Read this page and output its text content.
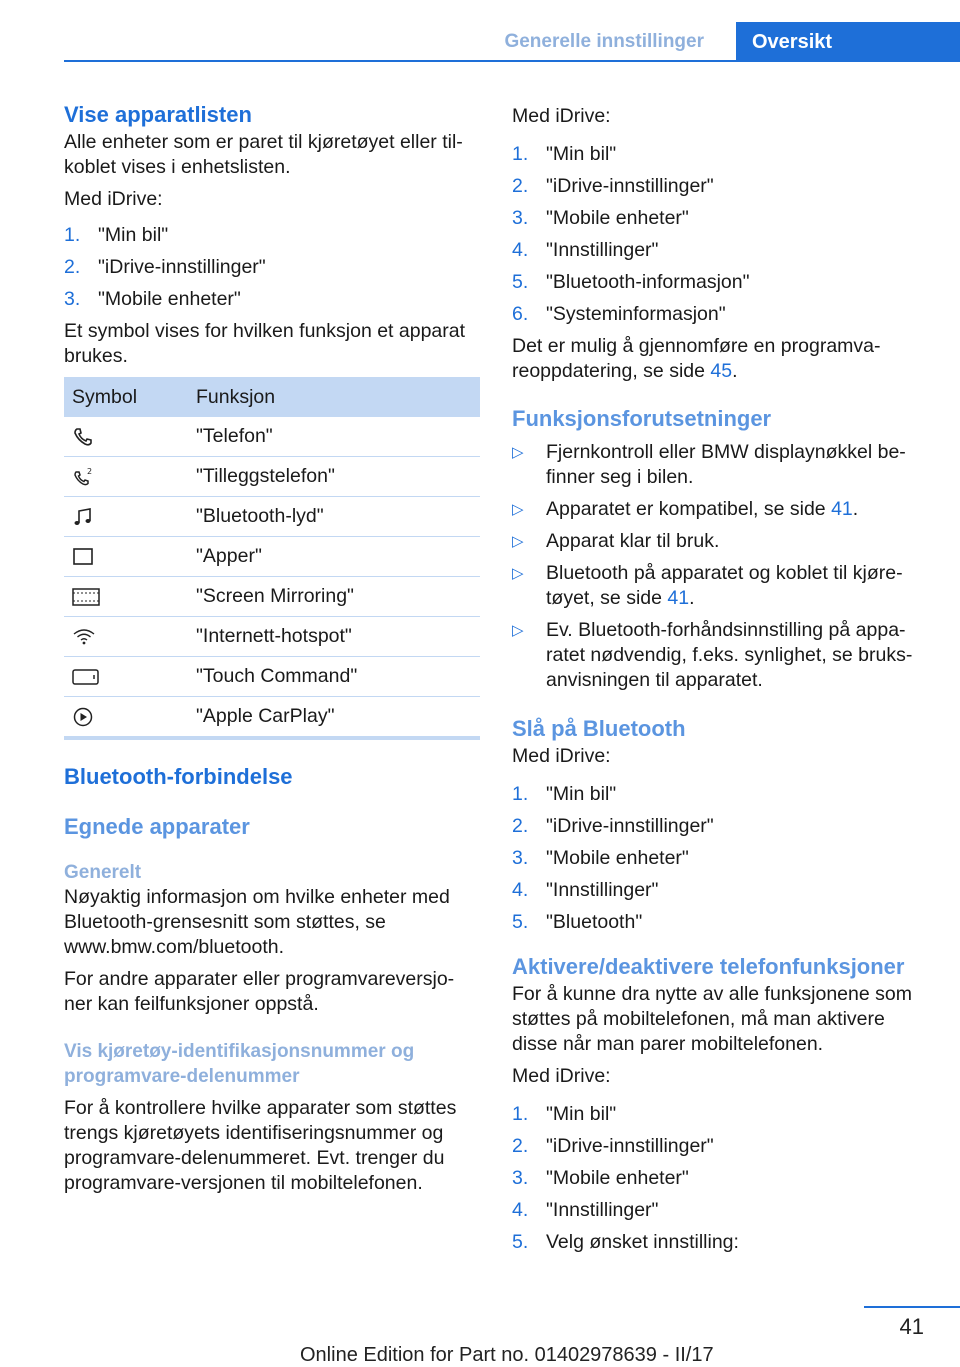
Generelle innstillinger	Oversikt
Vise apparatlisten

Alle enheter som er paret til kjøretøyet eller til-koblet vises i enhetslisten.

Med iDrive:

1. "Min bil"
2. "iDrive-innstillinger"
3. "Mobile enheter"

Et symbol vises for hvilken funksjon et apparat brukes.

Symbol	Funksjon

	"Telefon"

2	"Tilleggstelefon"

	"Bluetooth-lyd"

	"Apper"

	"Screen Mirroring"

	"Internett-hotspot"

	"Touch Command"

	"Apple CarPlay"
Bluetooth-forbindelse
Egnede apparater
Generelt

Nøyaktig informasjon om hvilke enheter med Bluetooth-grensesnitt som støttes, se www.bmw.com/bluetooth.

For andre apparater eller programvareversjo-ner kan feilfunksjoner oppstå.

Vis kjøretøy-identifikasjonsnummer og programvare-delenummer

For å kontrollere hvilke apparater som støttes trengs kjøretøyets identifiseringsnummer og programvare-delenummeret. Evt. trenger du programvare-versjonen til mobiltelefonen.

Med iDrive:

1. "Min bil"
2. "iDrive-innstillinger"
3. "Mobile enheter"
4. "Innstillinger"
5. "Bluetooth-informasjon"
6. "Systeminformasjon"

Det er mulig å gjennomføre en programva-reoppdatering, se side 45.

Funksjonsforutsetninger
▷ Fjernkontroll eller BMW displaynøkkel be-finner seg i bilen.
▷ Apparatet er kompatibel, se side 41.
▷ Apparat klar til bruk.
▷ Bluetooth på apparatet og koblet til kjøre-tøyet, se side 41.
▷ Ev. Bluetooth-forhåndsinnstilling på appa-ratet nødvendig, f.eks. synlighet, se bruks-anvisningen til apparatet.
Slå på Bluetooth

Med iDrive:

1. "Min bil"
2. "iDrive-innstillinger"
3. "Mobile enheter"
4. "Innstillinger"
5. "Bluetooth"
Aktivere/deaktivere telefonfunksjoner

For å kunne dra nytte av alle funksjonene som støttes på mobiltelefonen, må man aktivere disse når man parer mobiltelefonen.

Med iDrive:

1. "Min bil"
2. "iDrive-innstillinger"
3. "Mobile enheter"
4. "Innstillinger"
5. Velg ønsket innstilling:
41
Online Edition for Part no. 01402978639 - II/17
